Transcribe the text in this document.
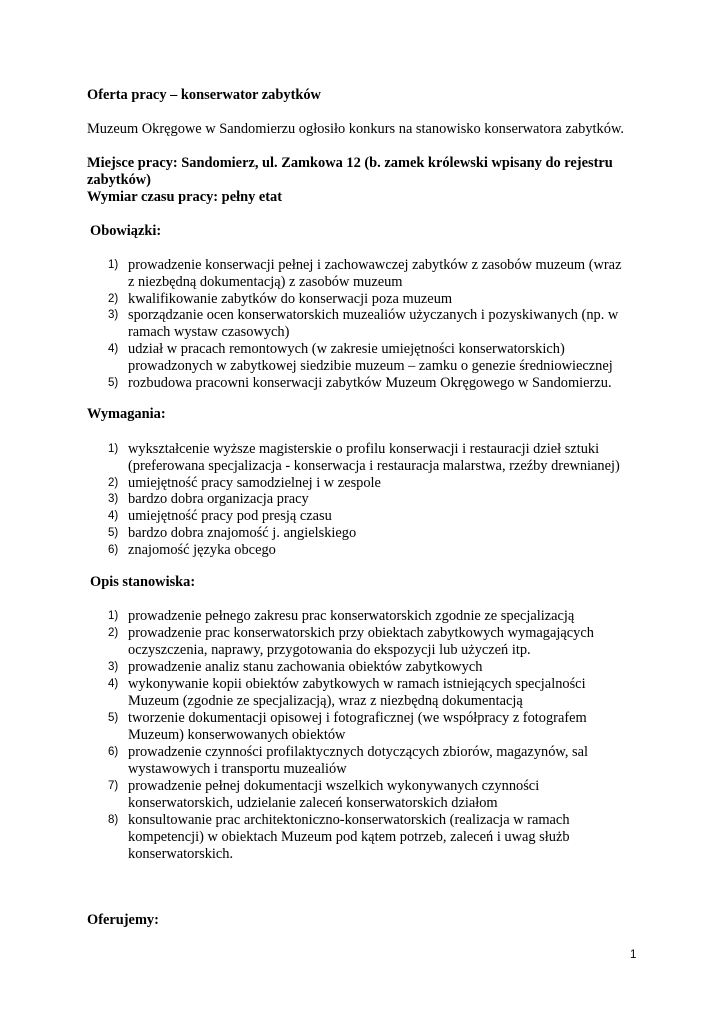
Oferta pracy – konserwator zabytków
Muzeum Okręgowe w Sandomierzu ogłosiło konkurs na stanowisko konserwatora zabytków.
Miejsce pracy: Sandomierz, ul. Zamkowa 12 (b. zamek królewski wpisany do rejestru
zabytków)
Wymiar czasu pracy: pełny etat
Obowiązki:
1) prowadzenie konserwacji pełnej i zachowawczej zabytków z zasobów muzeum (wraz
z niezbędną dokumentacją) z zasobów muzeum
2) kwalifikowanie zabytków do konserwacji poza muzeum
3) sporządzanie ocen konserwatorskich muzealiów użyczanych i pozyskiwanych (np. w
ramach wystaw czasowych)
4) udział w pracach remontowych (w zakresie umiejętności konserwatorskich)
prowadzonych w zabytkowej siedzibie muzeum – zamku o genezie średniowiecznej
5) rozbudowa pracowni konserwacji zabytków Muzeum Okręgowego w Sandomierzu.
Wymagania:
1) wykształcenie wyższe magisterskie o profilu konserwacji i restauracji dzieł sztuki
(preferowana specjalizacja - konserwacja i restauracja malarstwa, rzeźby drewnianej)
2) umiejętność pracy samodzielnej i w zespole
3) bardzo dobra organizacja pracy
4) umiejętność pracy pod presją czasu
5) bardzo dobra znajomość j. angielskiego
6) znajomość języka obcego
Opis stanowiska:
1) prowadzenie pełnego zakresu prac konserwatorskich zgodnie ze specjalizacją
2) prowadzenie prac konserwatorskich przy obiektach zabytkowych wymagających
oczyszczenia, naprawy, przygotowania do ekspozycji lub użyczeń itp.
3) prowadzenie analiz stanu zachowania obiektów zabytkowych
4) wykonywanie kopii obiektów zabytkowych w ramach istniejących specjalności
Muzeum (zgodnie ze specjalizacją), wraz z niezbędną dokumentacją
5) tworzenie dokumentacji opisowej i fotograficznej (we współpracy z fotografem
Muzeum) konserwowanych obiektów
6) prowadzenie czynności profilaktycznych dotyczących zbiorów, magazynów, sal
wystawowych i transportu muzealiów
7) prowadzenie pełnej dokumentacji wszelkich wykonywanych czynności
konserwatorskich, udzielanie zaleceń konserwatorskich działom
8) konsultowanie prac architektoniczno-konserwatorskich (realizacja w ramach
kompetencji) w obiektach Muzeum pod kątem potrzeb, zaleceń i uwag służb
konserwatorskich.
Oferujemy:
1
